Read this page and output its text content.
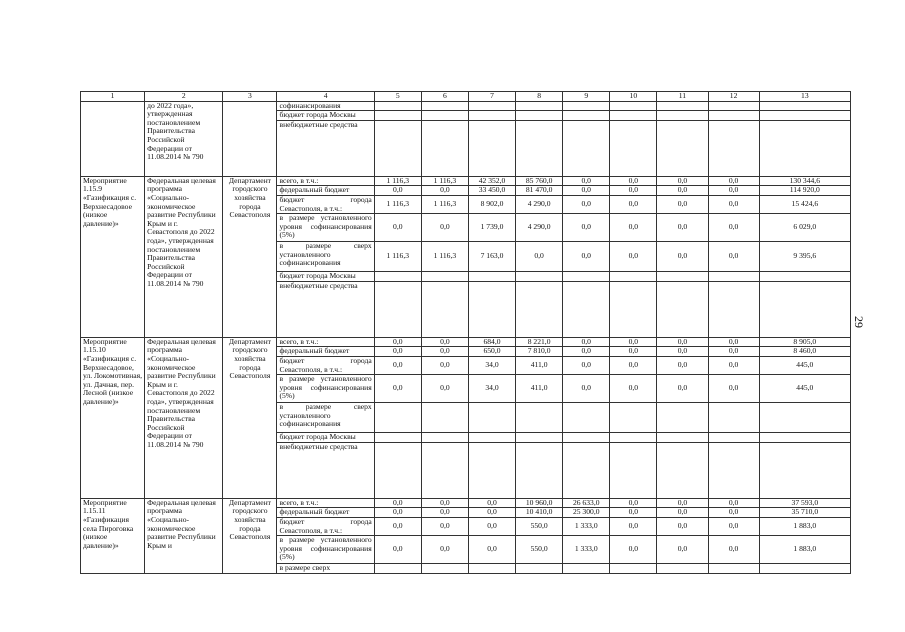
1	2	3	4	5	6	7	8	9	10	11	12	13
	до 2022 года», утвержденная постановлением Правительства Российской Федерации от 11.08.2014 № 790		софинансирования									
			бюджет города Москвы									
			внебюджетные средства									
Мероприятие 1.15.9 «Газификация с. Верхнесадовое (низкое давление)»	Федеральная целевая программа «Социально-экономическое развитие Республики Крым и г. Севастополя до 2022 года», утвержденная постановлением Правительства Российской Федерации от 11.08.2014 № 790	Департамент городского хозяйства города Севастополя	всего, в т.ч.:	1 116,3	1 116,3	42 352,0	85 760,0	0,0	0,0	0,0	0,0	130 344,6
			федеральный бюджет	0,0	0,0	33 450,0	81 470,0	0,0	0,0	0,0	0,0	114 920,0
			бюджет города Севастополя, в т.ч.:	1 116,3	1 116,3	8 902,0	4 290,0	0,0	0,0	0,0	0,0	15 424,6
			в размере установленного уровня софинансирования (5%)	0,0	0,0	1 739,0	4 290,0	0,0	0,0	0,0	0,0	6 029,0
			в размере сверх установленного софинансирования	1 116,3	1 116,3	7 163,0	0,0	0,0	0,0	0,0	0,0	9 395,6
			бюджет города Москвы									
			внебюджетные средства									
Мероприятие 1.15.10 «Газификация с. Верхнесадовое, ул. Локомотивная, ул. Дачная, пер. Лесной (низкое давление)»	Федеральная целевая программа «Социально-экономическое развитие Республики Крым и г. Севастополя до 2022 года», утвержденная постановлением Правительства Российской Федерации от 11.08.2014 № 790	Департамент городского хозяйства города Севастополя	всего, в т.ч.:	0,0	0,0	684,0	8 221,0	0,0	0,0	0,0	0,0	8 905,0
			федеральный бюджет	0,0	0,0	650,0	7 810,0	0,0	0,0	0,0	0,0	8 460,0
			бюджет города Севастополя, в т.ч.:	0,0	0,0	34,0	411,0	0,0	0,0	0,0	0,0	445,0
			в размере установленного уровня софинансирования (5%)	0,0	0,0	34,0	411,0	0,0	0,0	0,0	0,0	445,0
			в размере сверх установленного софинансирования									
			бюджет города Москвы									
			внебюджетные средства									
Мероприятие 1.15.11 «Газификация села Пироговка (низкое давление)»	Федеральная целевая программа «Социально-экономическое развитие Республики Крым и	Департамент городского хозяйства города Севастополя	всего, в т.ч.:	0,0	0,0	0,0	10 960,0	26 633,0	0,0	0,0	0,0	37 593,0
			федеральный бюджет	0,0	0,0	0,0	10 410,0	25 300,0	0,0	0,0	0,0	35 710,0
			бюджет города Севастополя, в т.ч.:	0,0	0,0	0,0	550,0	1 333,0	0,0	0,0	0,0	1 883,0
			в размере установленного уровня софинансирования (5%)	0,0	0,0	0,0	550,0	1 333,0	0,0	0,0	0,0	1 883,0
			в размере сверх									
29
